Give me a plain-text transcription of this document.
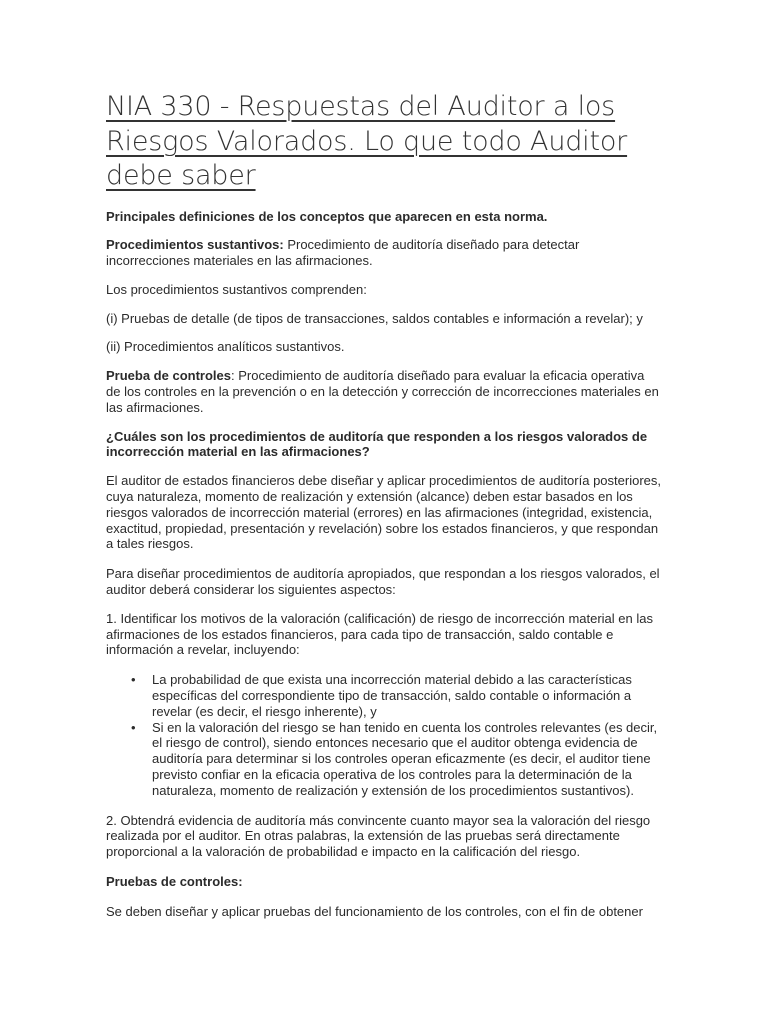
NIA 330 - Respuestas del Auditor a los Riesgos Valorados. Lo que todo Auditor debe saber

Principales definiciones de los conceptos que aparecen en esta norma.

Procedimientos sustantivos: Procedimiento de auditoría diseñado para detectar incorrecciones materiales en las afirmaciones.

Los procedimientos sustantivos comprenden:

(i) Pruebas de detalle (de tipos de transacciones, saldos contables e información a revelar); y

(ii) Procedimientos analíticos sustantivos.

Prueba de controles: Procedimiento de auditoría diseñado para evaluar la eficacia operativa de los controles en la prevención o en la detección y corrección de incorrecciones materiales en las afirmaciones.

¿Cuáles son los procedimientos de auditoría que responden a los riesgos valorados de incorrección material en las afirmaciones?

El auditor de estados financieros debe diseñar y aplicar procedimientos de auditoría posteriores, cuya naturaleza, momento de realización y extensión (alcance) deben estar basados en los riesgos valorados de incorrección material (errores) en las afirmaciones (integridad, existencia, exactitud, propiedad, presentación y revelación) sobre los estados financieros, y que respondan a tales riesgos.

Para diseñar procedimientos de auditoría apropiados, que respondan a los riesgos valorados, el auditor deberá considerar los siguientes aspectos:

1. Identificar los motivos de la valoración (calificación) de riesgo de incorrección material en las afirmaciones de los estados financieros, para cada tipo de transacción, saldo contable e información a revelar, incluyendo:

• La probabilidad de que exista una incorrección material debido a las características específicas del correspondiente tipo de transacción, saldo contable o información a revelar (es decir, el riesgo inherente), y
• Si en la valoración del riesgo se han tenido en cuenta los controles relevantes (es decir, el riesgo de control), siendo entonces necesario que el auditor obtenga evidencia de auditoría para determinar si los controles operan eficazmente (es decir, el auditor tiene previsto confiar en la eficacia operativa de los controles para la determinación de la naturaleza, momento de realización y extensión de los procedimientos sustantivos).

2. Obtendrá evidencia de auditoría más convincente cuanto mayor sea la valoración del riesgo realizada por el auditor. En otras palabras, la extensión de las pruebas será directamente proporcional a la valoración de probabilidad e impacto en la calificación del riesgo.

Pruebas de controles:

Se deben diseñar y aplicar pruebas del funcionamiento de los controles, con el fin de obtener
